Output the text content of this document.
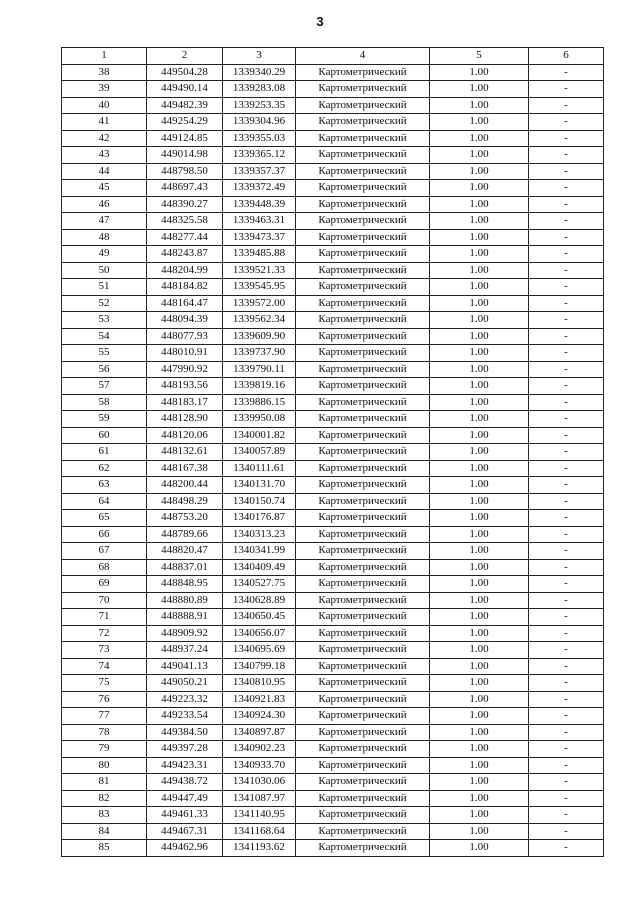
3
1	2	3	4	5	6
38	449504.28	1339340.29	Картометрический	1.00	-
39	449490.14	1339283.08	Картометрический	1.00	-
40	449482.39	1339253.35	Картометрический	1.00	-
41	449254.29	1339304.96	Картометрический	1.00	-
42	449124.85	1339355.03	Картометрический	1.00	-
43	449014.98	1339365.12	Картометрический	1.00	-
44	448798.50	1339357.37	Картометрический	1.00	-
45	448697.43	1339372.49	Картометрический	1.00	-
46	448390.27	1339448.39	Картометрический	1.00	-
47	448325.58	1339463.31	Картометрический	1.00	-
48	448277.44	1339473.37	Картометрический	1.00	-
49	448243.87	1339485.88	Картометрический	1.00	-
50	448204.99	1339521.33	Картометрический	1.00	-
51	448184.82	1339545.95	Картометрический	1.00	-
52	448164.47	1339572.00	Картометрический	1.00	-
53	448094.39	1339562.34	Картометрический	1.00	-
54	448077.93	1339609.90	Картометрический	1.00	-
55	448010.91	1339737.90	Картометрический	1.00	-
56	447990.92	1339790.11	Картометрический	1.00	-
57	448193.56	1339819.16	Картометрический	1.00	-
58	448183.17	1339886.15	Картометрический	1.00	-
59	448128.90	1339950.08	Картометрический	1.00	-
60	448120.06	1340001.82	Картометрический	1.00	-
61	448132.61	1340057.89	Картометрический	1.00	-
62	448167.38	1340111.61	Картометрический	1.00	-
63	448200.44	1340131.70	Картометрический	1.00	-
64	448498.29	1340150.74	Картометрический	1.00	-
65	448753.20	1340176.87	Картометрический	1.00	-
66	448789.66	1340313.23	Картометрический	1.00	-
67	448820.47	1340341.99	Картометрический	1.00	-
68	448837.01	1340409.49	Картометрический	1.00	-
69	448848.95	1340527.75	Картометрический	1.00	-
70	448880.89	1340628.89	Картометрический	1.00	-
71	448888.91	1340650.45	Картометрический	1.00	-
72	448909.92	1340656.07	Картометрический	1.00	-
73	448937.24	1340695.69	Картометрический	1.00	-
74	449041.13	1340799.18	Картометрический	1.00	-
75	449050.21	1340810.95	Картометрический	1.00	-
76	449223.32	1340921.83	Картометрический	1.00	-
77	449233.54	1340924.30	Картометрический	1.00	-
78	449384.50	1340897.87	Картометрический	1.00	-
79	449397.28	1340902.23	Картометрический	1.00	-
80	449423.31	1340933.70	Картометрический	1.00	-
81	449438.72	1341030.06	Картометрический	1.00	-
82	449447.49	1341087.97	Картометрический	1.00	-
83	449461.33	1341140.95	Картометрический	1.00	-
84	449467.31	1341168.64	Картометрический	1.00	-
85	449462.96	1341193.62	Картометрический	1.00	-
